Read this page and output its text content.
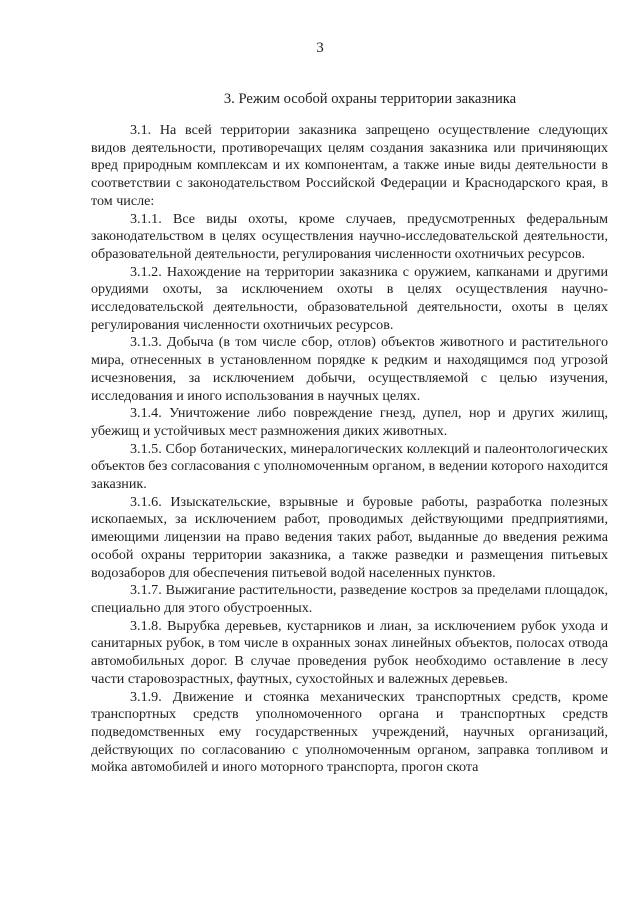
3
3. Режим особой охраны территории заказника

3.1. На всей территории заказника запрещено осуществление следующих видов деятельности, противоречащих целям создания заказника или причиняющих вред природным комплексам и их компонентам, а также иные виды деятельности в соответствии с законодательством Российской Федерации и Краснодарского края, в том числе:

3.1.1. Все виды охоты, кроме случаев, предусмотренных федеральным законодательством в целях осуществления научно-исследовательской деятельности, образовательной деятельности, регулирования численности охотничьих ресурсов.

3.1.2. Нахождение на территории заказника с оружием, капканами и другими орудиями охоты, за исключением охоты в целях осуществления научно-исследовательской деятельности, образовательной деятельности, охоты в целях регулирования численности охотничьих ресурсов.

3.1.3. Добыча (в том числе сбор, отлов) объектов животного и растительного мира, отнесенных в установленном порядке к редким и находящимся под угрозой исчезновения, за исключением добычи, осуществляемой с целью изучения, исследования и иного использования в научных целях.

3.1.4. Уничтожение либо повреждение гнезд, дупел, нор и других жилищ, убежищ и устойчивых мест размножения диких животных.

3.1.5. Сбор ботанических, минералогических коллекций и палеонтологических объектов без согласования с уполномоченным органом, в ведении которого находится заказник.

3.1.6. Изыскательские, взрывные и буровые работы, разработка полезных ископаемых, за исключением работ, проводимых действующими предприятиями, имеющими лицензии на право ведения таких работ, выданные до введения режима особой охраны территории заказника, а также разведки и размещения питьевых водозаборов для обеспечения питьевой водой населенных пунктов.

3.1.7. Выжигание растительности, разведение костров за пределами площадок, специально для этого обустроенных.

3.1.8. Вырубка деревьев, кустарников и лиан, за исключением рубок ухода и санитарных рубок, в том числе в охранных зонах линейных объектов, полосах отвода автомобильных дорог. В случае проведения рубок необходимо оставление в лесу части старовозрастных, фаутных, сухостойных и валежных деревьев.

3.1.9. Движение и стоянка механических транспортных средств, кроме транспортных средств уполномоченного органа и транспортных средств подведомственных ему государственных учреждений, научных организаций, действующих по согласованию с уполномоченным органом, заправка топливом и мойка автомобилей и иного моторного транспорта, прогон скота
